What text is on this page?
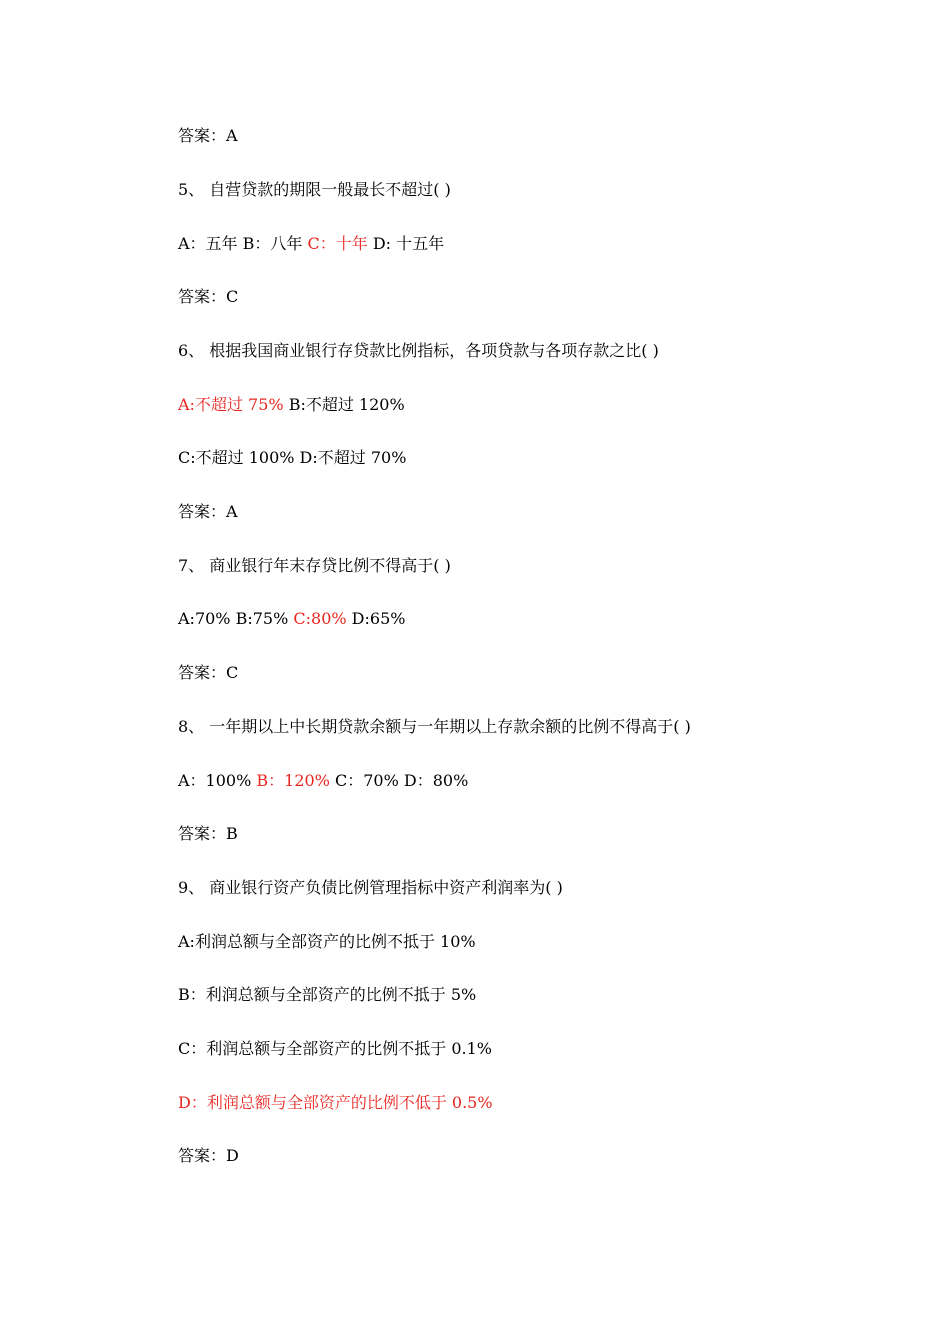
答案：A
5、 自营贷款的期限一般最长不超过( )
A：五年 B：八年 C：十年 D: 十五年
答案：C
6、 根据我国商业银行存贷款比例指标，各项贷款与各项存款之比( )
A:不超过 75% B:不超过 120%
C:不超过 100% D:不超过 70%
答案：A
7、 商业银行年末存贷比例不得高于( )
A:70% B:75% C:80% D:65%
答案：C
8、 一年期以上中长期贷款余额与一年期以上存款余额的比例不得高于( )
A：100% B：120% C：70% D：80%
答案：B
9、 商业银行资产负债比例管理指标中资产利润率为( )
A:利润总额与全部资产的比例不抵于 10%
B：利润总额与全部资产的比例不抵于 5%
C：利润总额与全部资产的比例不抵于 0.1%
D：利润总额与全部资产的比例不低于 0.5%
答案：D
